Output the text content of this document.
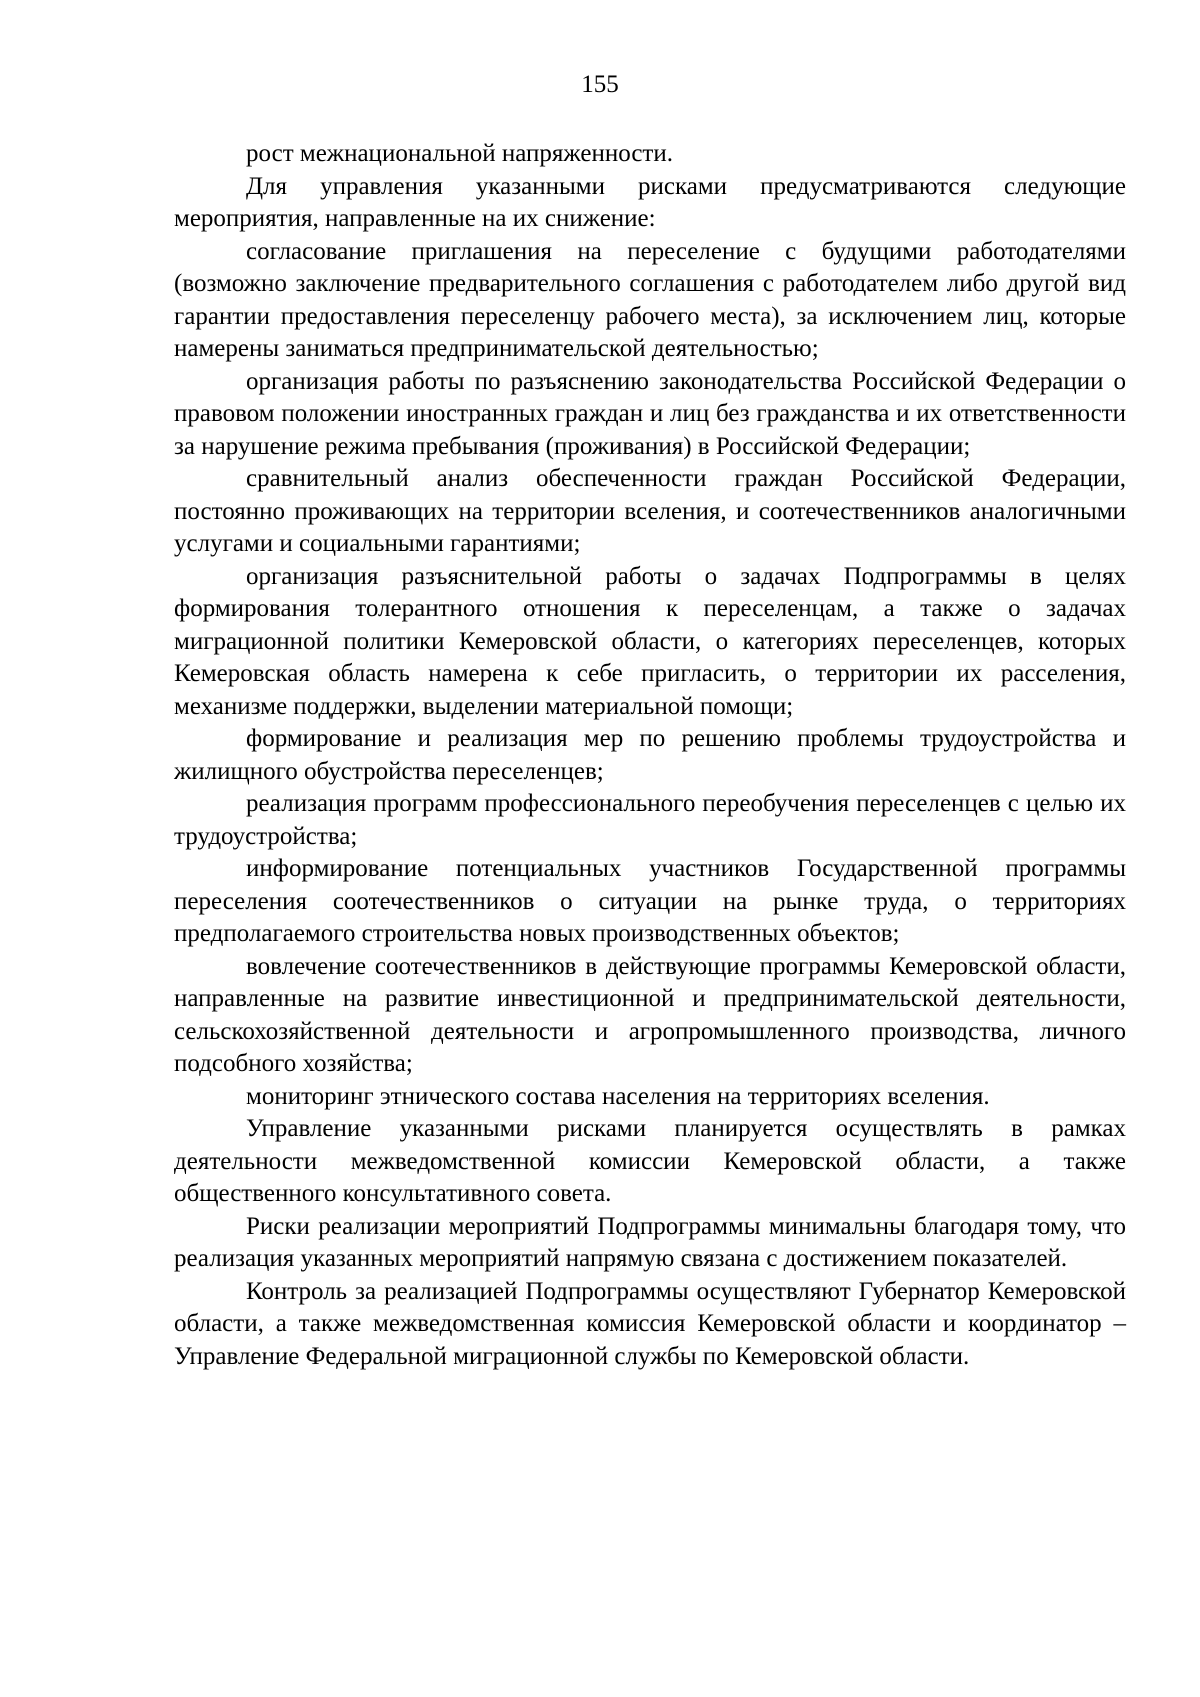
155

рост межнациональной напряженности.

Для управления указанными рисками предусматриваются следующие мероприятия, направленные на их снижение:

согласование приглашения на переселение с будущими работодателями (возможно заключение предварительного соглашения с работодателем либо другой вид гарантии предоставления переселенцу рабочего места), за исключением лиц, которые намерены заниматься предпринимательской деятельностью;

организация работы по разъяснению законодательства Российской Федерации о правовом положении иностранных граждан и лиц без гражданства и их ответственности за нарушение режима пребывания (проживания) в Российской Федерации;

сравнительный анализ обеспеченности граждан Российской Федерации, постоянно проживающих на территории вселения, и соотечественников аналогичными услугами и социальными гарантиями;

организация разъяснительной работы о задачах Подпрограммы в целях формирования толерантного отношения к переселенцам, а также о задачах миграционной политики Кемеровской области, о категориях переселенцев, которых Кемеровская область намерена к себе пригласить, о территории их расселения, механизме поддержки, выделении материальной помощи;

формирование и реализация мер по решению проблемы трудоустройства и жилищного обустройства переселенцев;

реализация программ профессионального переобучения переселенцев с целью их трудоустройства;

информирование потенциальных участников Государственной программы переселения соотечественников о ситуации на рынке труда, о территориях предполагаемого строительства новых производственных объектов;

вовлечение соотечественников в действующие программы Кемеровской области, направленные на развитие инвестиционной и предпринимательской деятельности, сельскохозяйственной деятельности и агропромышленного производства, личного подсобного хозяйства;

мониторинг этнического состава населения на территориях вселения.

Управление указанными рисками планируется осуществлять в рамках деятельности межведомственной комиссии Кемеровской области, а также общественного консультативного совета.

Риски реализации мероприятий Подпрограммы минимальны благодаря тому, что реализация указанных мероприятий напрямую связана с достижением показателей.

Контроль за реализацией Подпрограммы осуществляют Губернатор Кемеровской области, а также межведомственная комиссия Кемеровской области и координатор – Управление Федеральной миграционной службы по Кемеровской области.
